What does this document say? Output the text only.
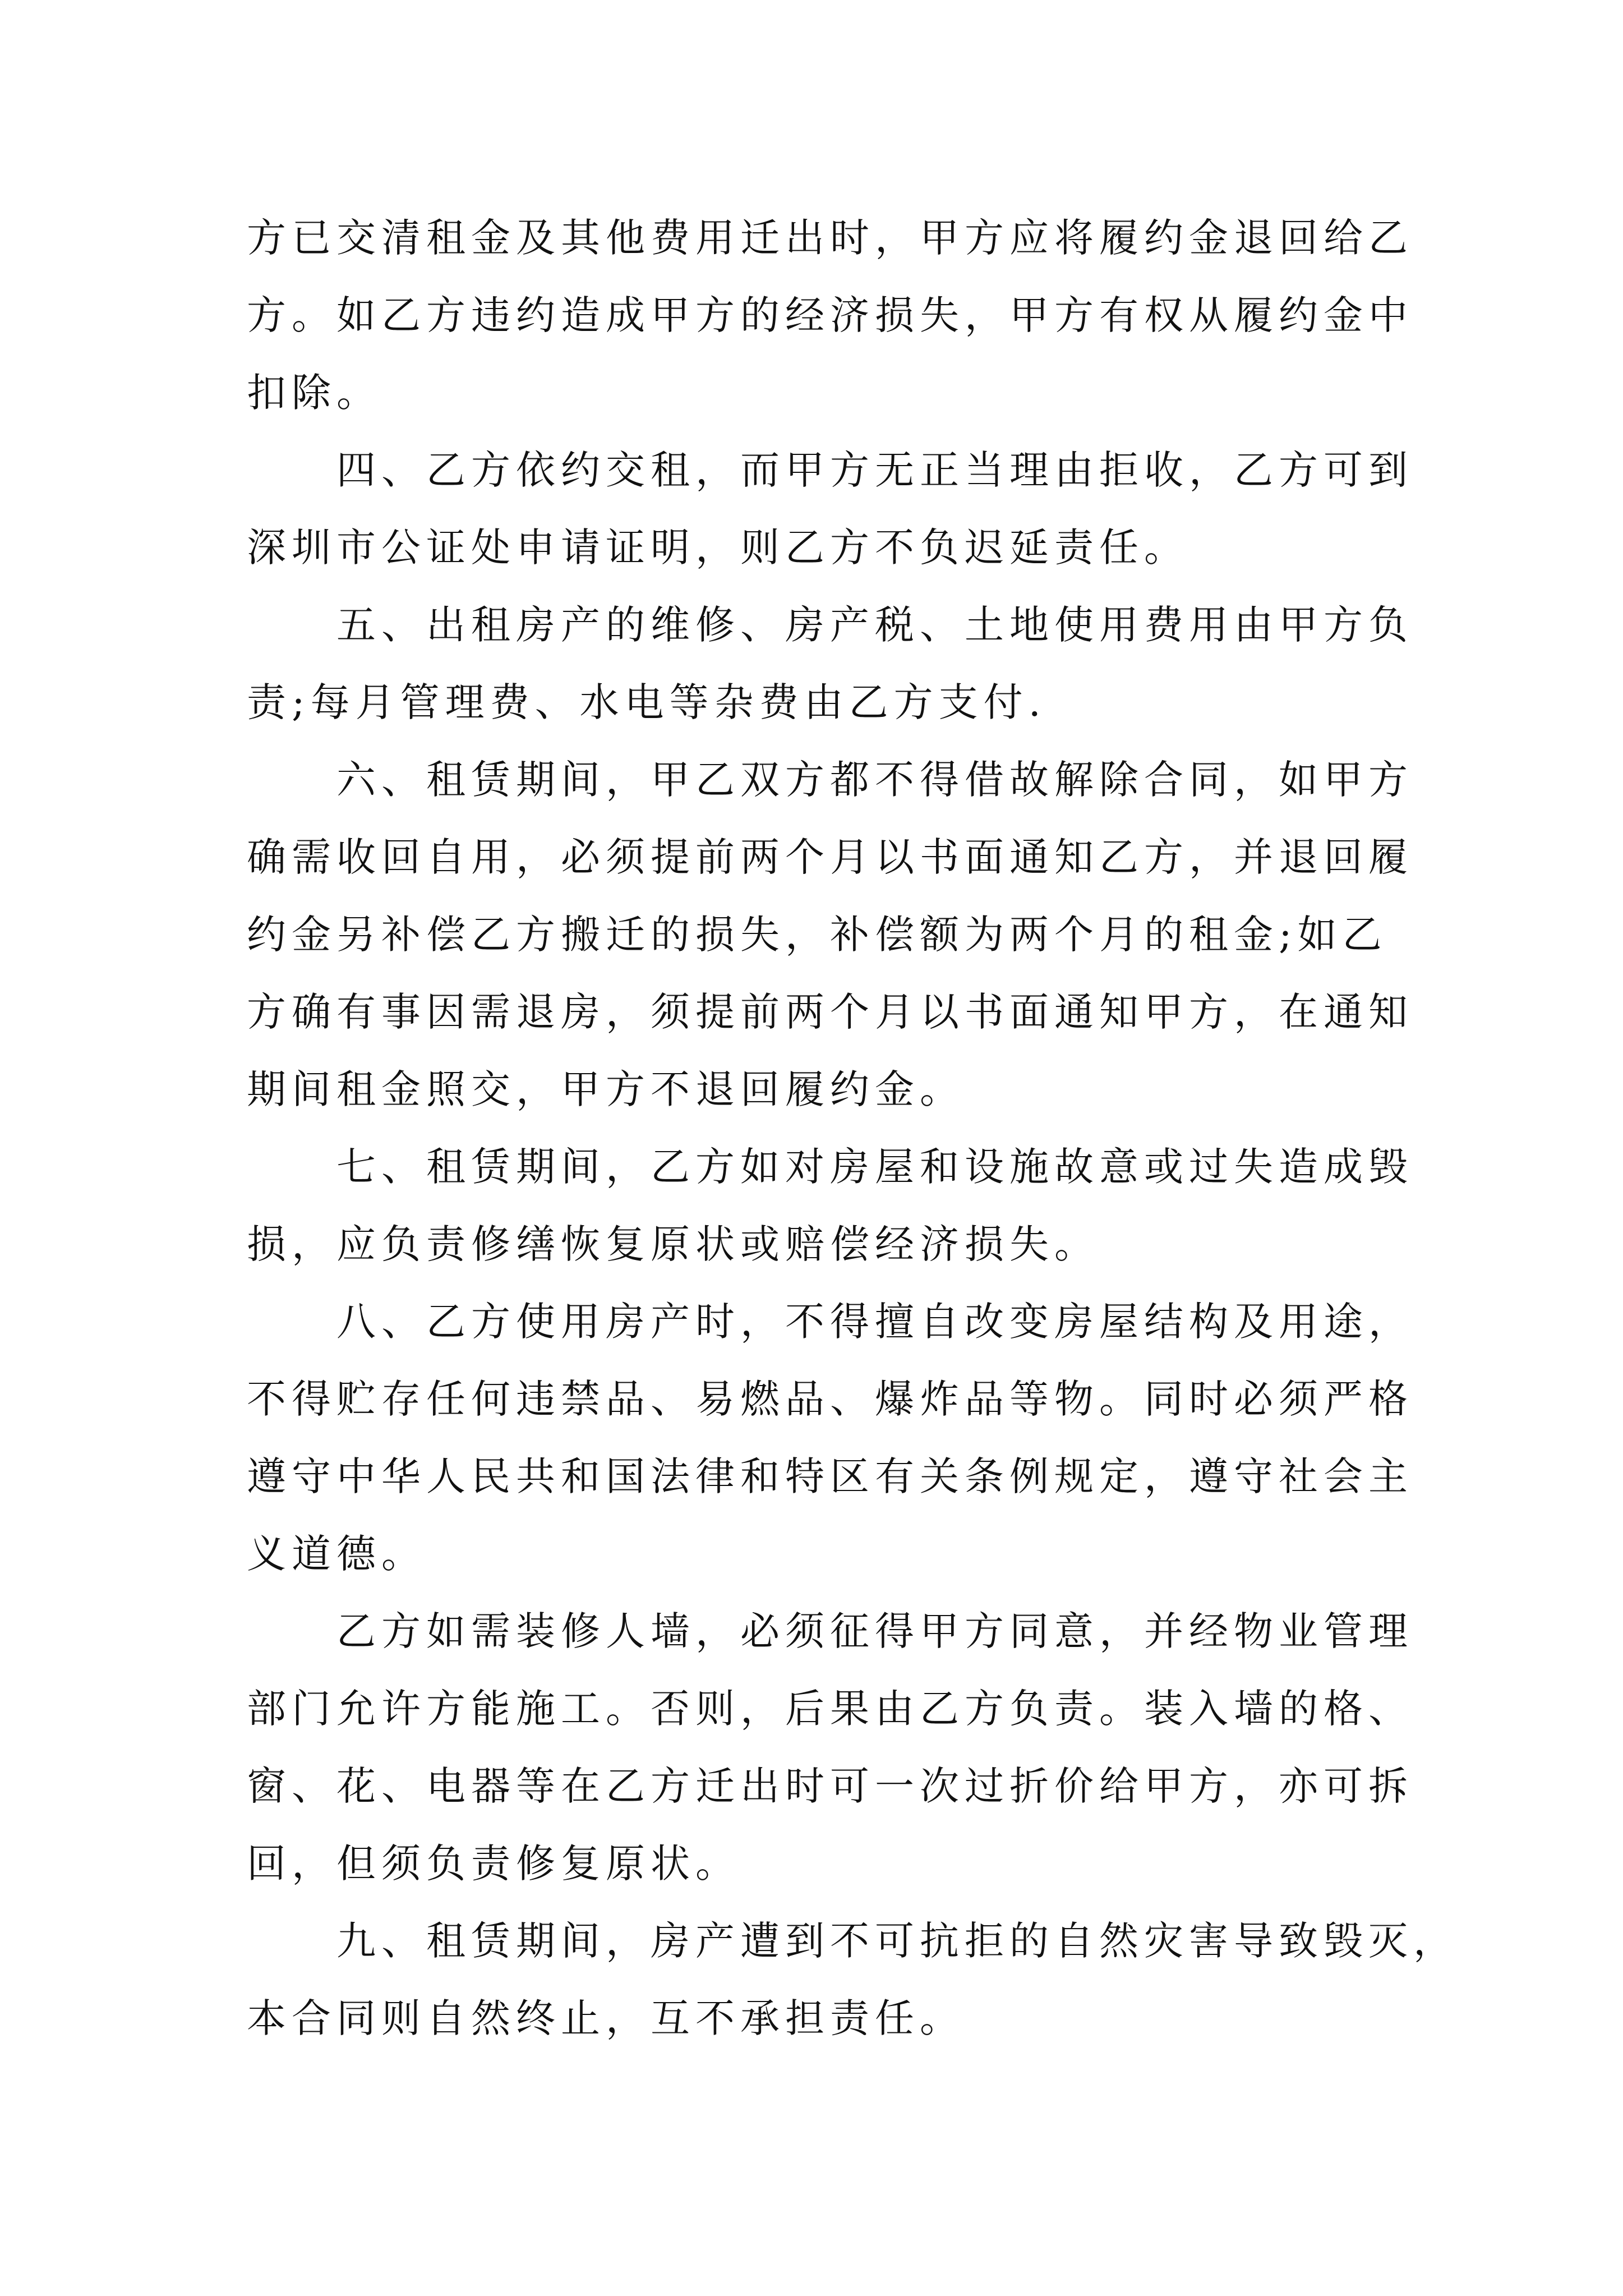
方已交清租金及其他费用迁出时，甲方应将履约金退回给乙
方。如乙方违约造成甲方的经济损失，甲方有权从履约金中
扣除。
四、乙方依约交租，而甲方无正当理由拒收，乙方可到
深圳市公证处申请证明，则乙方不负迟延责任。
五、出租房产的维修、房产税、土地使用费用由甲方负
责;每月管理费、水电等杂费由乙方支付.
六、租赁期间，甲乙双方都不得借故解除合同，如甲方
确需收回自用，必须提前两个月以书面通知乙方，并退回履
约金另补偿乙方搬迁的损失，补偿额为两个月的租金;如乙
方确有事因需退房，须提前两个月以书面通知甲方，在通知
期间租金照交，甲方不退回履约金。
七、租赁期间，乙方如对房屋和设施故意或过失造成毁
损，应负责修缮恢复原状或赔偿经济损失。
八、乙方使用房产时，不得擅自改变房屋结构及用途，
不得贮存任何违禁品、易燃品、爆炸品等物。同时必须严格
遵守中华人民共和国法律和特区有关条例规定，遵守社会主
义道德。
乙方如需装修人墙，必须征得甲方同意，并经物业管理
部门允许方能施工。否则，后果由乙方负责。装入墙的格、
窗、花、电器等在乙方迁出时可一次过折价给甲方，亦可拆
回，但须负责修复原状。
九、租赁期间，房产遭到不可抗拒的自然灾害导致毁灭，
本合同则自然终止，互不承担责任。
